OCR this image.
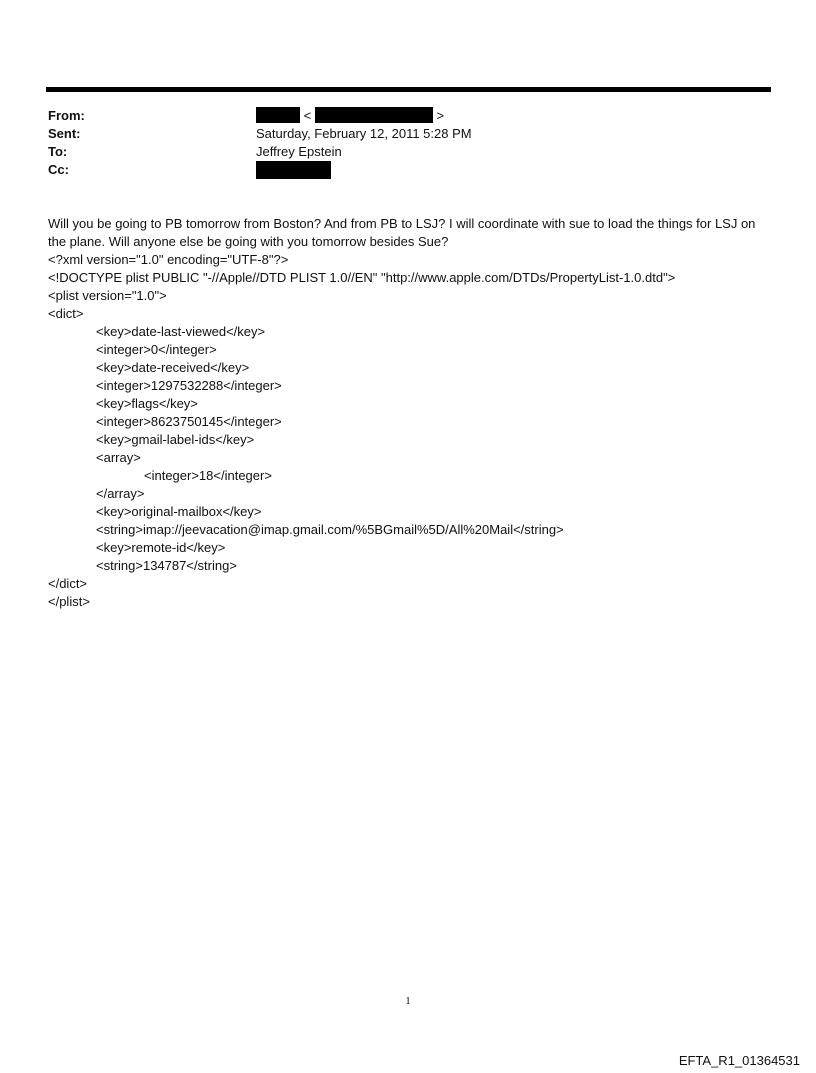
From:	<	>
Sent:	Saturday, February 12, 2011 5:28 PM
To:	Jeffrey Epstein
Cc:

Will you be going to PB tomorrow from Boston? And from PB to LSJ? I will coordinate with sue to load the things for LSJ on the plane. Will anyone else be going with you tomorrow besides Sue?

<?xml version="1.0" encoding="UTF-8"?>
<!DOCTYPE plist PUBLIC "-//Apple//DTD PLIST 1.0//EN" "http://www.apple.com/DTDs/PropertyList-1.0.dtd">
<plist version="1.0">
<dict>
<key>date-last-viewed</key>
<integer>0</integer>
<key>date-received</key>
<integer>1297532288</integer>
<key>flags</key>
<integer>8623750145</integer>
<key>gmail-label-ids</key>
<array>
<integer>18</integer>
</array>
<key>original-mailbox</key>
<string>imap://jeevacation@imap.gmail.com/%5BGmail%5D/All%20Mail</string>
<key>remote-id</key>
<string>134787</string>
</dict>
</plist>
1
EFTA_R1_01364531
